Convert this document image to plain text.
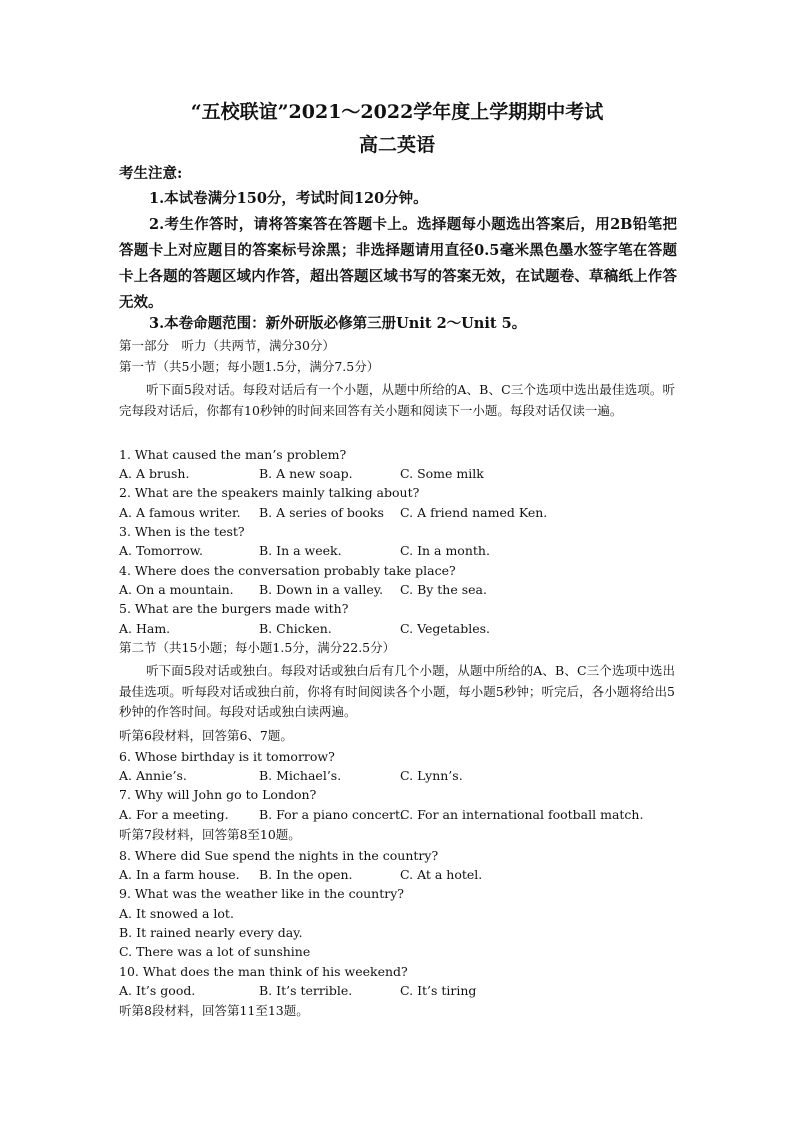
“五校联谊”2021～2022学年度上学期期中考试
高二英语
考生注意:
1.本试卷满分150分，考试时间120分钟。
2.考生作答时，请将答案答在答题卡上。选择题每小题选出答案后，用2B铅笔把答题卡上对应题目的答案标号涂黑；非选择题请用直径0.5毫米黑色墨水签字笔在答题卡上各题的答题区域内作答，超出答题区域书写的答案无效，在试题卷、草稿纸上作答无效。
3.本卷命题范围：新外研版必修第三册Unit 2～Unit 5。
第一部分　听力（共两节，满分30分）
第一节（共5小题；每小题1.5分，满分7.5分）
听下面5段对话。每段对话后有一个小题，从题中所给的A、B、C三个选项中选出最佳选项。听完每段对话后，你都有10秒钟的时间来回答有关小题和阅读下一小题。每段对话仅读一遍。
1. What caused the man’s problem?
A. A brush.	B. A new soap.	C. Some milk
2. What are the speakers mainly talking about?
A. A famous writer. B. A series of books C. A friend named Ken.
3. When is the test?
A. Tomorrow.	B. In a week.	C. In a month.
4. Where does the conversation probably take place?
A. On a mountain. B. Down in a valley. C. By the sea.
5. What are the burgers made with?
A. Ham.	B. Chicken.	C. Vegetables.
第二节（共15小题；每小题1.5分，满分22.5分）
听下面5段对话或独白。每段对话或独白后有几个小题，从题中所给的A、B、C三个选项中选出最佳选项。听每段对话或独白前，你将有时间阅读各个小题，每小题5秒钟；听完后，各小题将给出5秒钟的作答时间。每段对话或独白读两遍。
听第6段材料，回答第6、7题。
6. Whose birthday is it tomorrow?
A. Annie’s.	B. Michael’s.	C. Lynn’s.
7. Why will John go to London?
A. For a meeting. B. For a piano concert.
C. For an international football match.
听第7段材料，回答第8至10题。
8. Where did Sue spend the nights in the country?
A. In a farm house. B. In the open.	C. At a hotel.
9. What was the weather like in the country?
A. It snowed a lot.
B. It rained nearly every day.
C. There was a lot of sunshine
10. What does the man think of his weekend?
A. It’s good.	B. It’s terrible.	C. It’s tiring
听第8段材料，回答第11至13题。
